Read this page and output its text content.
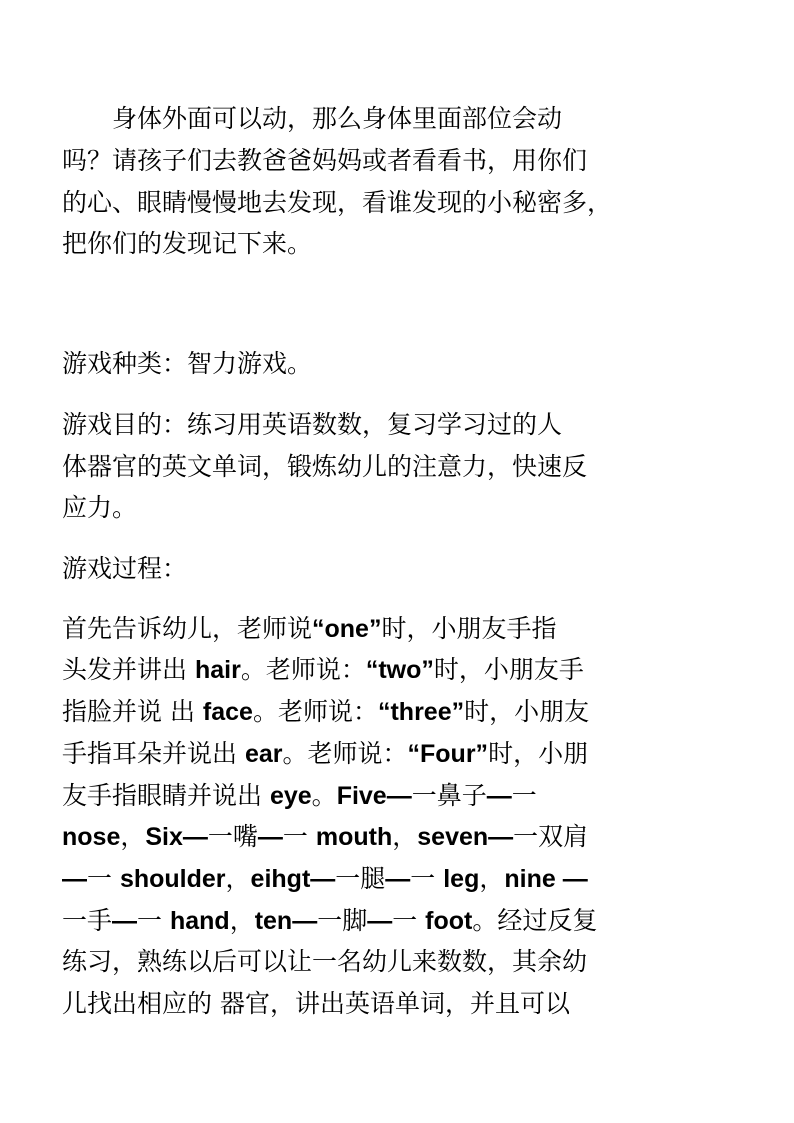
　　身体外面可以动，那么身体里面部位会动
吗？请孩子们去教爸爸妈妈或者看看书，用你们
的心、眼睛慢慢地去发现，看谁发现的小秘密多，
把你们的发现记下来。
游戏种类：智力游戏。
游戏目的：练习用英语数数，复习学习过的人
体器官的英文单词，锻炼幼儿的注意力，快速反
应力。
游戏过程：
首先告诉幼儿，老师说“one”时，小朋友手指
头发并讲出 hair。老师说：“two”时，小朋友手
指脸并说 出 face。老师说：“three”时，小朋友
手指耳朵并说出 ear。老师说：“Four”时，小朋
友手指眼睛并说出 eye。Five—一鼻子—一
nose，Six—一嘴—一 mouth，seven—一双肩
—一 shoulder，eihgt—一腿—一 leg，nine —
一手—一 hand，ten—一脚—一 foot。经过反复
练习，熟练以后可以让一名幼儿来数数，其余幼
儿找出相应的 器官，讲出英语单词，并且可以
